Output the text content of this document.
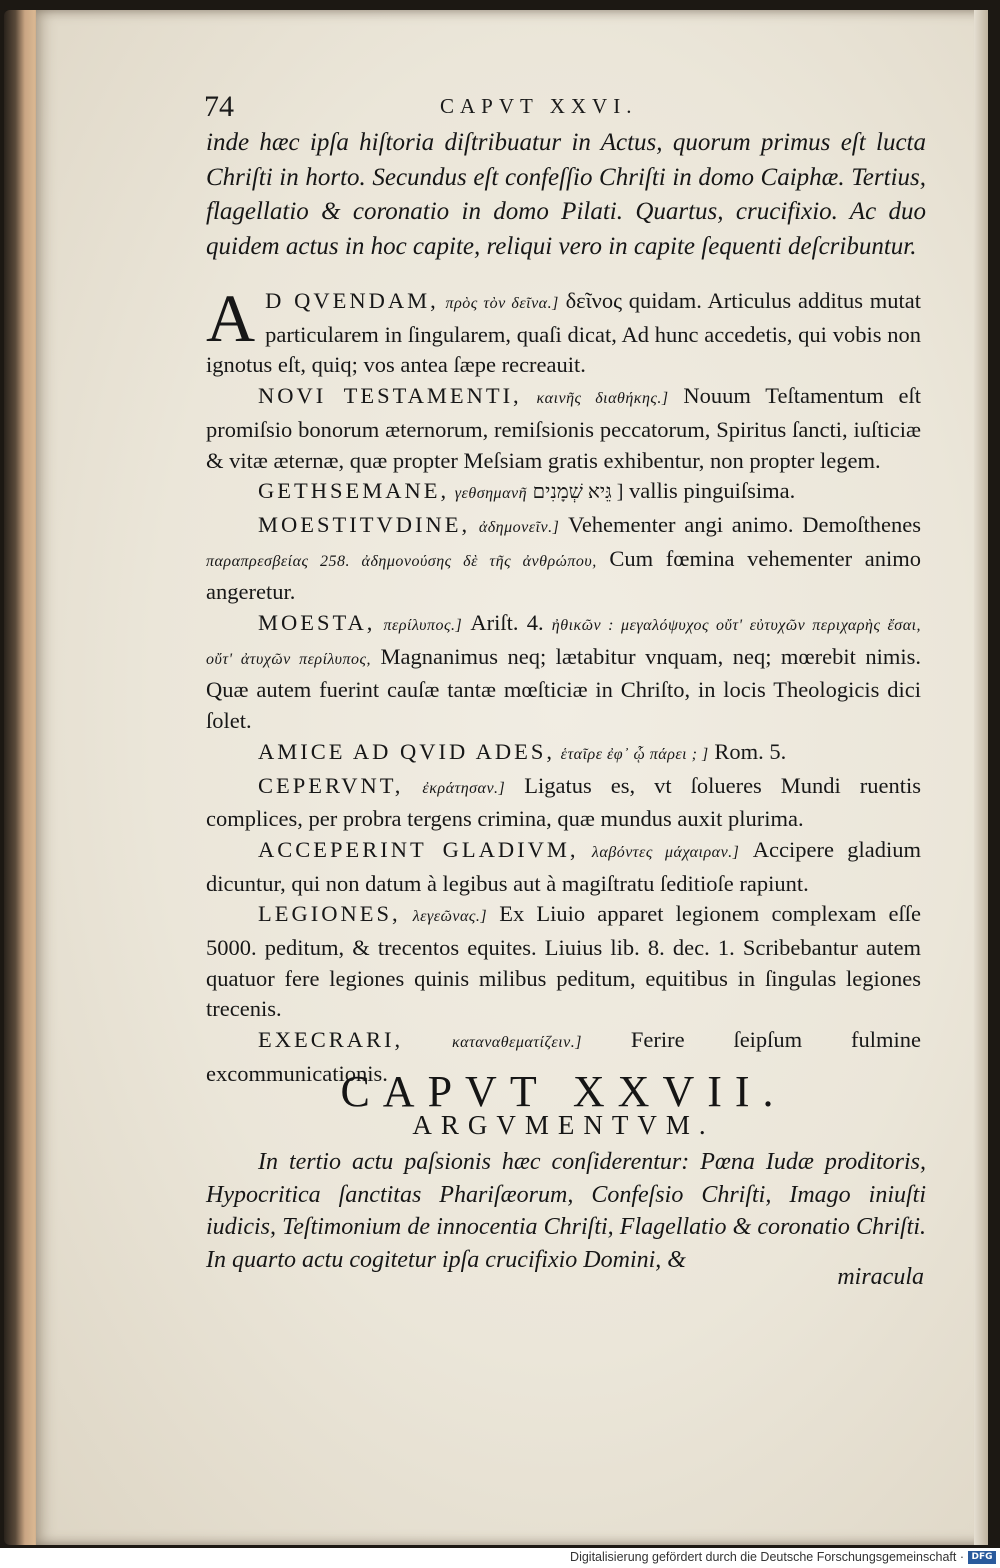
74	CAPVT XXVI.

inde hæc ipſa hiſtoria diſtribuatur in Actus, quorum primus eſt lucta Chriſti in horto. Secundus eſt confeſſio Chriſti in domo Caiphæ. Tertius, flagellatio & coronatio in domo Pilati. Quartus, crucifixio. Ac duo quidem actus in hoc capite, reliqui vero in capite ſequenti deſcribuntur.

A D QVENDAM, πρὸς τὸν δεῖνα.] δεῖνος quidam. Articulus additus mutat particularem in ſingularem, quaſi dicat, Ad hunc accedetis, qui vobis non ignotus eſt, quiq; vos antea ſæpe recreauit.

NOVI TESTAMENTI, καινῆς διαθήκης.] Nouum Teſtamentum eſt promiſsio bonorum æternorum, remiſsionis peccatorum, Spiritus ſancti, iuſticiæ & vitæ æternæ, quæ propter Meſsiam gratis exhibentur, non propter legem.

GETHSEMANE, γεθσημανῆ גֵּיא שְׁמָנִים ] vallis pinguiſsima.

MOESTITVDINE, ἀδημονεῖν.] Vehementer angi animo. Demoſthenes παραπρεσβείας 258. ἀδημονούσης δὲ τῆς ἀνθρώπου, Cum fœmina vehementer animo angeretur.

MOESTA, περίλυπος.] Ariſt. 4. ἠθικῶν : μεγαλόψυχος οὔτ' εὐτυχῶν περιχαρὴς ἔσαι, οὔτ' ἀτυχῶν περίλυπος, Magnanimus neq; lætabitur vnquam, neq; mœrebit nimis. Quæ autem fuerint cauſæ tantæ mœſticiæ in Chriſto, in locis Theologicis dici ſolet.

AMICE AD QVID ADES, ἑταῖρε ἐφ᾽ ᾧ πάρει ; ] Rom. 5.

CEPERVNT, ἐκράτησαν.] Ligatus es, vt ſolueres Mundi ruentis complices, per probra tergens crimina, quæ mundus auxit plurima.

ACCEPERINT GLADIVM, λαβόντες μάχαιραν.] Accipere gladium dicuntur, qui non datum à legibus aut à magiſtratu ſeditioſe rapiunt.

LEGIONES, λεγεῶνας.] Ex Liuio apparet legionem complexam eſſe 5000. peditum, & trecentos equites. Liuius lib. 8. dec. 1. Scribebantur autem quatuor fere legiones quinis milibus peditum, equitibus in ſingulas legiones trecenis.

EXECRARI,	καταναθεματίζειν.] Ferire ſeipſum fulmine excommunicationis.

CAPVT XXVII.
ARGVMENTVM.

In tertio actu paſsionis hæc conſiderentur: Pœna Iudæ proditoris, Hypocritica ſanctitas Phariſæorum, Confeſsio Chriſti, Imago iniuſti iudicis, Teſtimonium de innocentia Chriſti, Flagellatio & coronatio Chriſti. In quarto actu cogitetur ipſa crucifixio Domini, &

miracula
Digitalisierung gefördert durch die Deutsche Forschungsgemeinschaft · DFG
